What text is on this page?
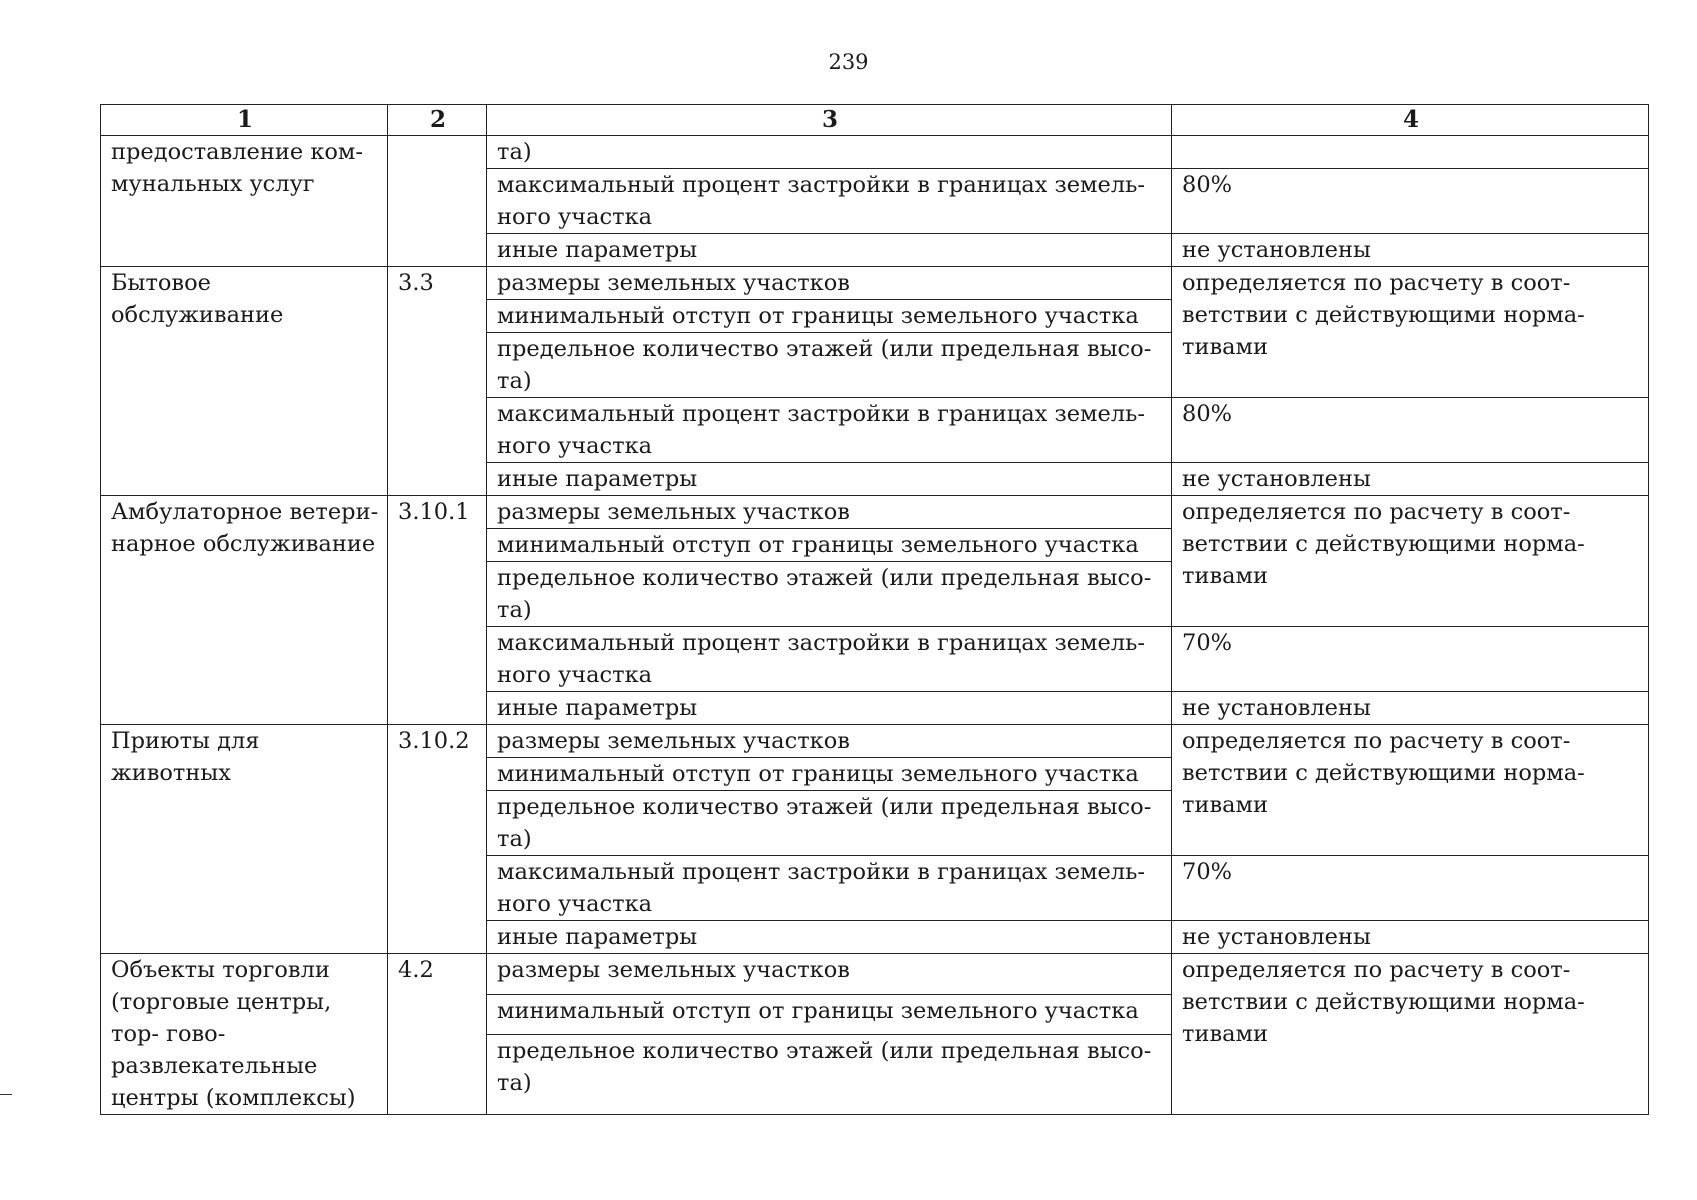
239
1	2	3	4
предоставление ком- мунальных услуг		та)	
		максимальный процент застройки в границах земель- ного участка	80%
		иные параметры	не установлены
Бытовое обслуживание	3.3	размеры земельных участков	определяется по расчету в соот- ветствии с действующими норма- тивами
		минимальный отступ от границы земельного участка	
		предельное количество этажей (или предельная высо- та)	
		максимальный процент застройки в границах земель- ного участка	80%
		иные параметры	не установлены
Амбулаторное ветери- нарное обслуживание	3.10.1	размеры земельных участков	определяется по расчету в соот- ветствии с действующими норма- тивами
		минимальный отступ от границы земельного участка	
		предельное количество этажей (или предельная высо- та)	
		максимальный процент застройки в границах земель- ного участка	70%
		иные параметры	не установлены
Приюты для животных	3.10.2	размеры земельных участков	определяется по расчету в соот- ветствии с действующими норма- тивами
		минимальный отступ от границы земельного участка	
		предельное количество этажей (или предельная высо- та)	
		максимальный процент застройки в границах земель- ного участка	70%
		иные параметры	не установлены
Объекты торговли (торговые центры, тор- гово-развлекательные центры (комплексы)	4.2	размеры земельных участков	определяется по расчету в соот- ветствии с действующими норма- тивами
		минимальный отступ от границы земельного участка	
		предельное количество этажей (или предельная высо- та)	
